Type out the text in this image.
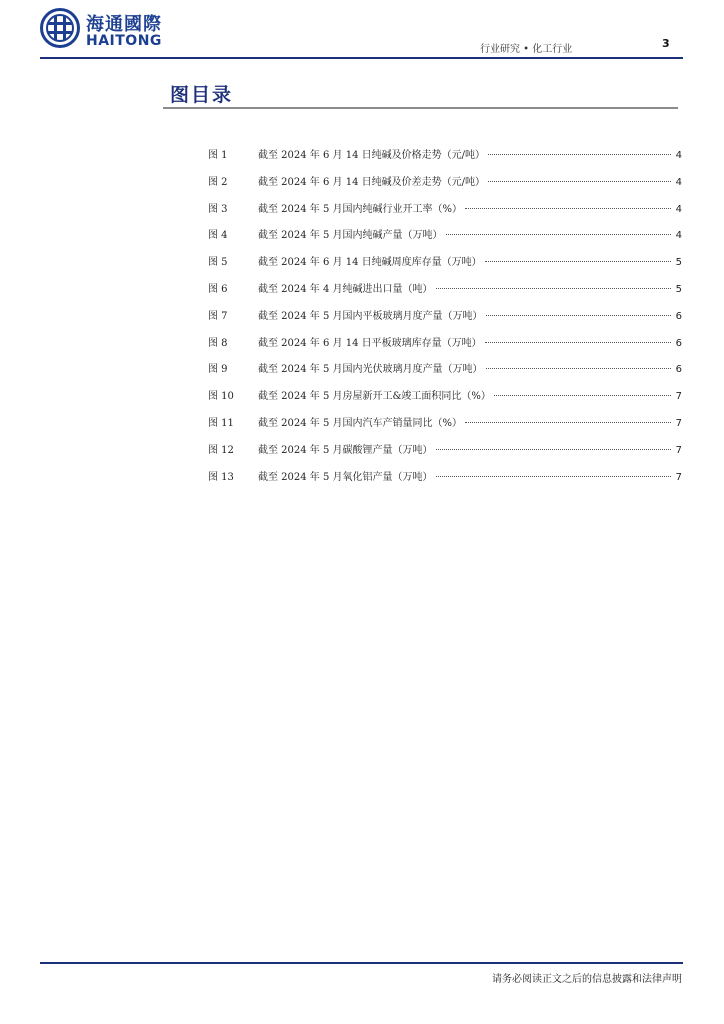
海通國際
HAITONG
行业研究 • 化工行业	3
图目录
图 1	截至 2024 年 6 月 14 日纯碱及价格走势（元/吨）	4
图 2	截至 2024 年 6 月 14 日纯碱及价差走势（元/吨）	4
图 3	截至 2024 年 5 月国内纯碱行业开工率（%）	4
图 4	截至 2024 年 5 月国内纯碱产量（万吨）	4
图 5	截至 2024 年 6 月 14 日纯碱周度库存量（万吨）	5
图 6	截至 2024 年 4 月纯碱进出口量（吨）	5
图 7	截至 2024 年 5 月国内平板玻璃月度产量（万吨）	6
图 8	截至 2024 年 6 月 14 日平板玻璃库存量（万吨）	6
图 9	截至 2024 年 5 月国内光伏玻璃月度产量（万吨）	6
图 10	截至 2024 年 5 月房屋新开工&竣工面积同比（%）	7
图 11	截至 2024 年 5 月国内汽车产销量同比（%）	7
图 12	截至 2024 年 5 月碳酸锂产量（万吨）	7
图 13	截至 2024 年 5 月氧化铝产量（万吨）	7
请务必阅读正文之后的信息披露和法律声明
